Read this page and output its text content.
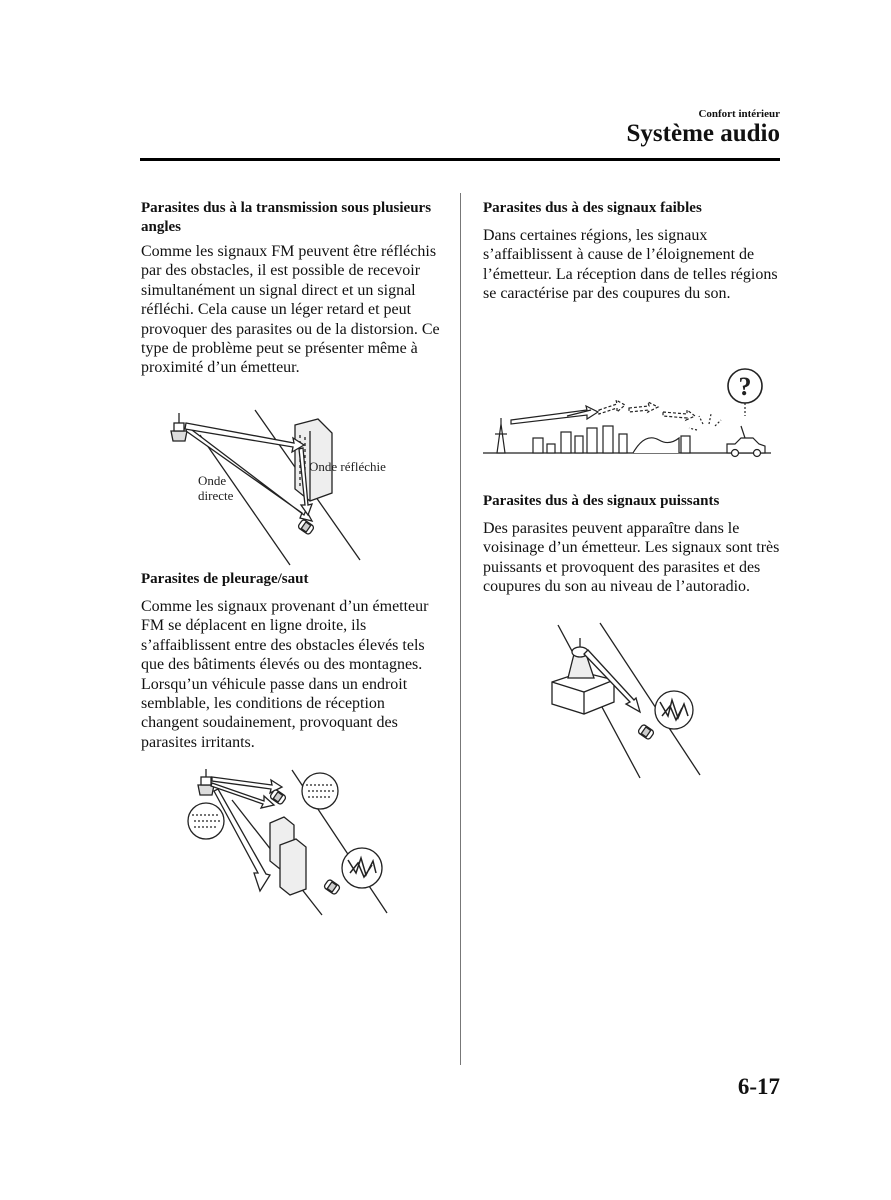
Confort intérieur
Système audio
Parasites dus à la transmission sous plusieurs angles

Comme les signaux FM peuvent être réfléchis par des obstacles, il est possible de recevoir simultanément un signal direct et un signal réfléchi. Cela cause un léger retard et peut provoquer des parasites ou de la distorsion. Ce type de problème peut se présenter même à proximité d’un émetteur.

Onde réfléchie
Onde
directe
Parasites de pleurage/saut

Comme les signaux provenant d’un émetteur FM se déplacent en ligne droite, ils s’affaiblissent entre des obstacles élevés tels que des bâtiments élevés ou des montagnes. Lorsqu’un véhicule passe dans un endroit semblable, les conditions de réception changent soudainement, provoquant des parasites irritants.

Parasites dus à des signaux faibles

Dans certaines régions, les signaux s’affaiblissent à cause de l’éloignement de l’émetteur. La réception dans de telles régions se caractérise par des coupures du son.

?
Parasites dus à des signaux puissants

Des parasites peuvent apparaître dans le voisinage d’un émetteur. Les signaux sont très puissants et provoquent des parasites et des coupures du son au niveau de l’autoradio.

6-17
